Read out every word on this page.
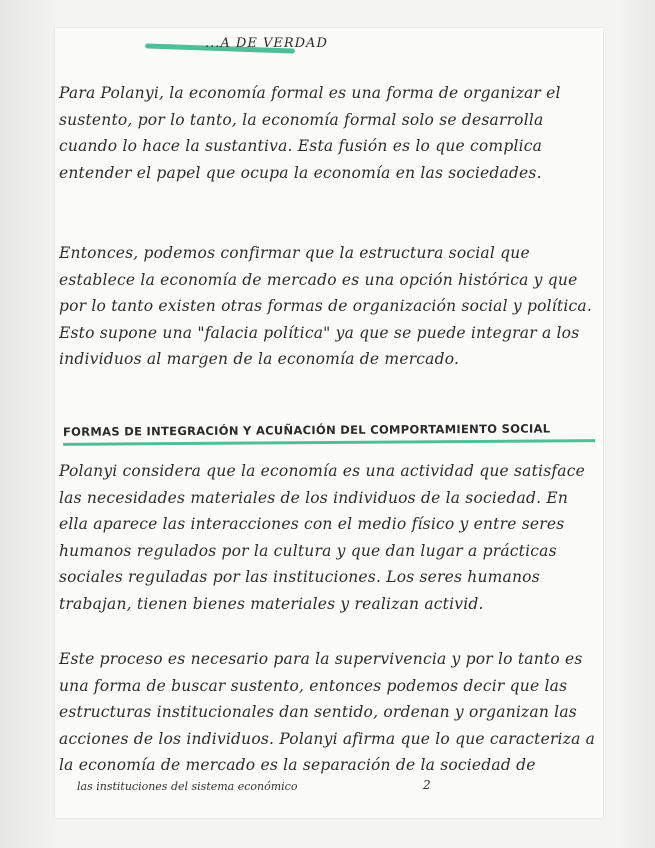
...A DE VERDAD

Para Polanyi, la economía formal es una forma de organizar el sustento, por lo tanto, la economía formal solo se desarrolla cuando lo hace la sustantiva. Esta fusión es lo que complica entender el papel que ocupa la economía en las sociedades.

Entonces, podemos confirmar que la estructura social que establece la economía de mercado es una opción histórica y que por lo tanto existen otras formas de organización social y política. Esto supone una "falacia política" ya que se puede integrar a los individuos al margen de la economía de mercado.

FORMAS DE INTEGRACIÓN Y ACUÑACIÓN DEL COMPORTAMIENTO SOCIAL

Polanyi considera que la economía es una actividad que satisface las necesidades materiales de los individuos de la sociedad. En ella aparece las interacciones con el medio físico y entre seres humanos regulados por la cultura y que dan lugar a prácticas sociales reguladas por las instituciones. Los seres humanos trabajan, tienen bienes materiales y realizan activid.

Este proceso es necesario para la supervivencia y por lo tanto es una forma de buscar sustento, entonces podemos decir que las estructuras institucionales dan sentido, ordenan y organizan las acciones de los individuos. Polanyi afirma que lo que caracteriza a la economía de mercado es la separación de la sociedad de

las instituciones del sistema económico	2
